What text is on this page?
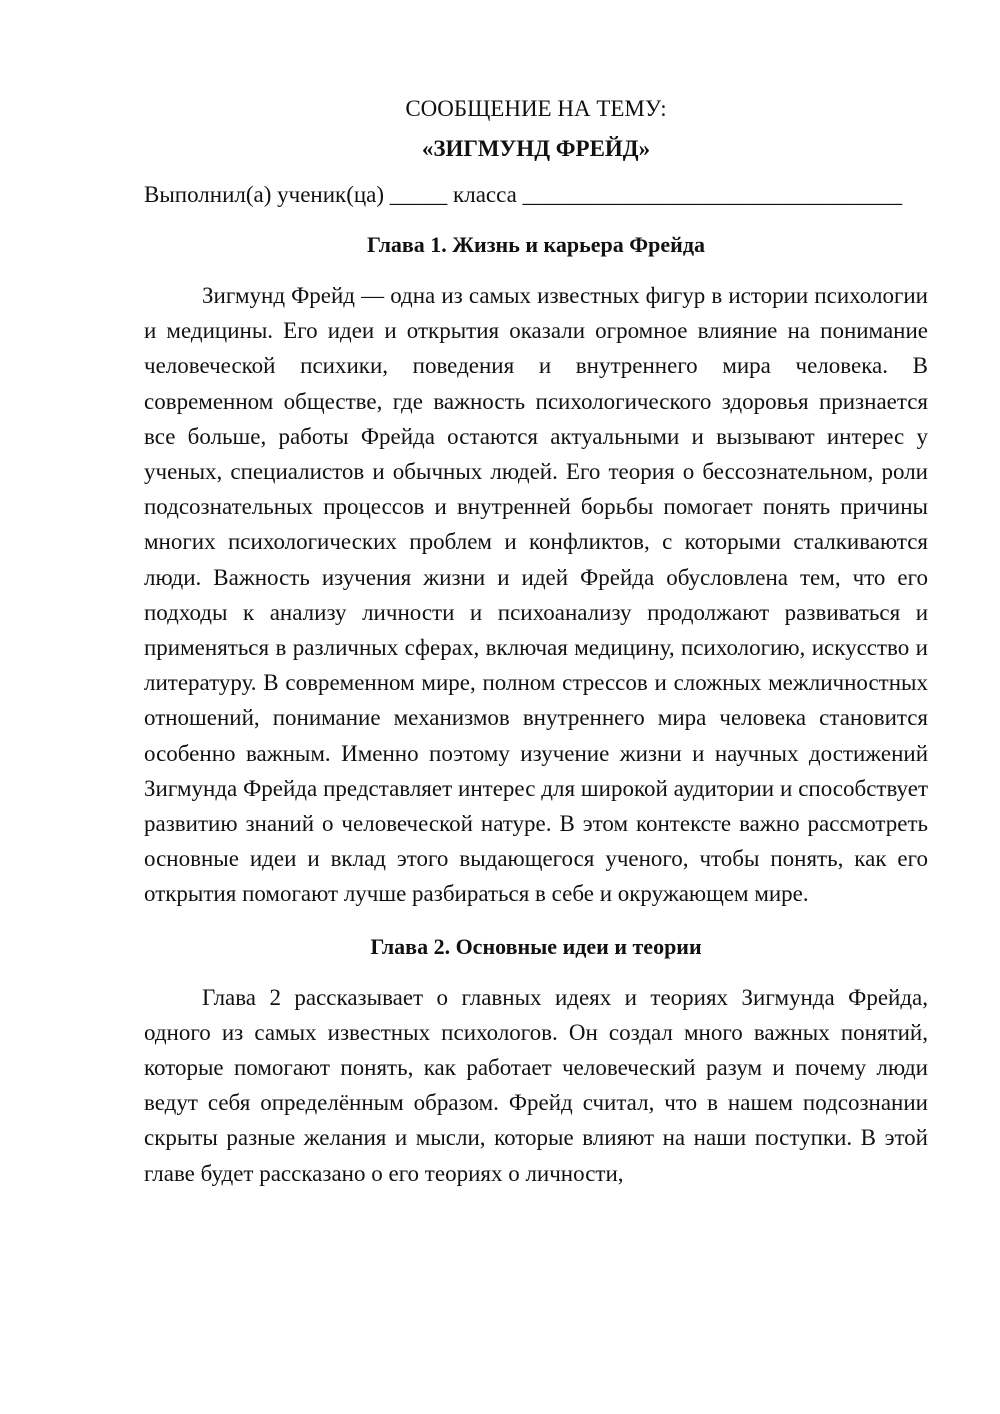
СООБЩЕНИЕ НА ТЕМУ:

«ЗИГМУНД ФРЕЙД»

Выполнил(а) ученик(ца) _____ класса _________________________________

Глава 1. Жизнь и карьера Фрейда

Зигмунд Фрейд — одна из самых известных фигур в истории психологии и медицины. Его идеи и открытия оказали огромное влияние на понимание человеческой психики, поведения и внутреннего мира человека. В современном обществе, где важность психологического здоровья признается все больше, работы Фрейда остаются актуальными и вызывают интерес у ученых, специалистов и обычных людей. Его теория о бессознательном, роли подсознательных процессов и внутренней борьбы помогает понять причины многих психологических проблем и конфликтов, с которыми сталкиваются люди. Важность изучения жизни и идей Фрейда обусловлена тем, что его подходы к анализу личности и психоанализу продолжают развиваться и применяться в различных сферах, включая медицину, психологию, искусство и литературу. В современном мире, полном стрессов и сложных межличностных отношений, понимание механизмов внутреннего мира человека становится особенно важным. Именно поэтому изучение жизни и научных достижений Зигмунда Фрейда представляет интерес для широкой аудитории и способствует развитию знаний о человеческой натуре. В этом контексте важно рассмотреть основные идеи и вклад этого выдающегося ученого, чтобы понять, как его открытия помогают лучше разбираться в себе и окружающем мире.

Глава 2. Основные идеи и теории

Глава 2 рассказывает о главных идеях и теориях Зигмунда Фрейда, одного из самых известных психологов. Он создал много важных понятий, которые помогают понять, как работает человеческий разум и почему люди ведут себя определённым образом. Фрейд считал, что в нашем подсознании скрыты разные желания и мысли, которые влияют на наши поступки. В этой главе будет рассказано о его теориях о личности,
